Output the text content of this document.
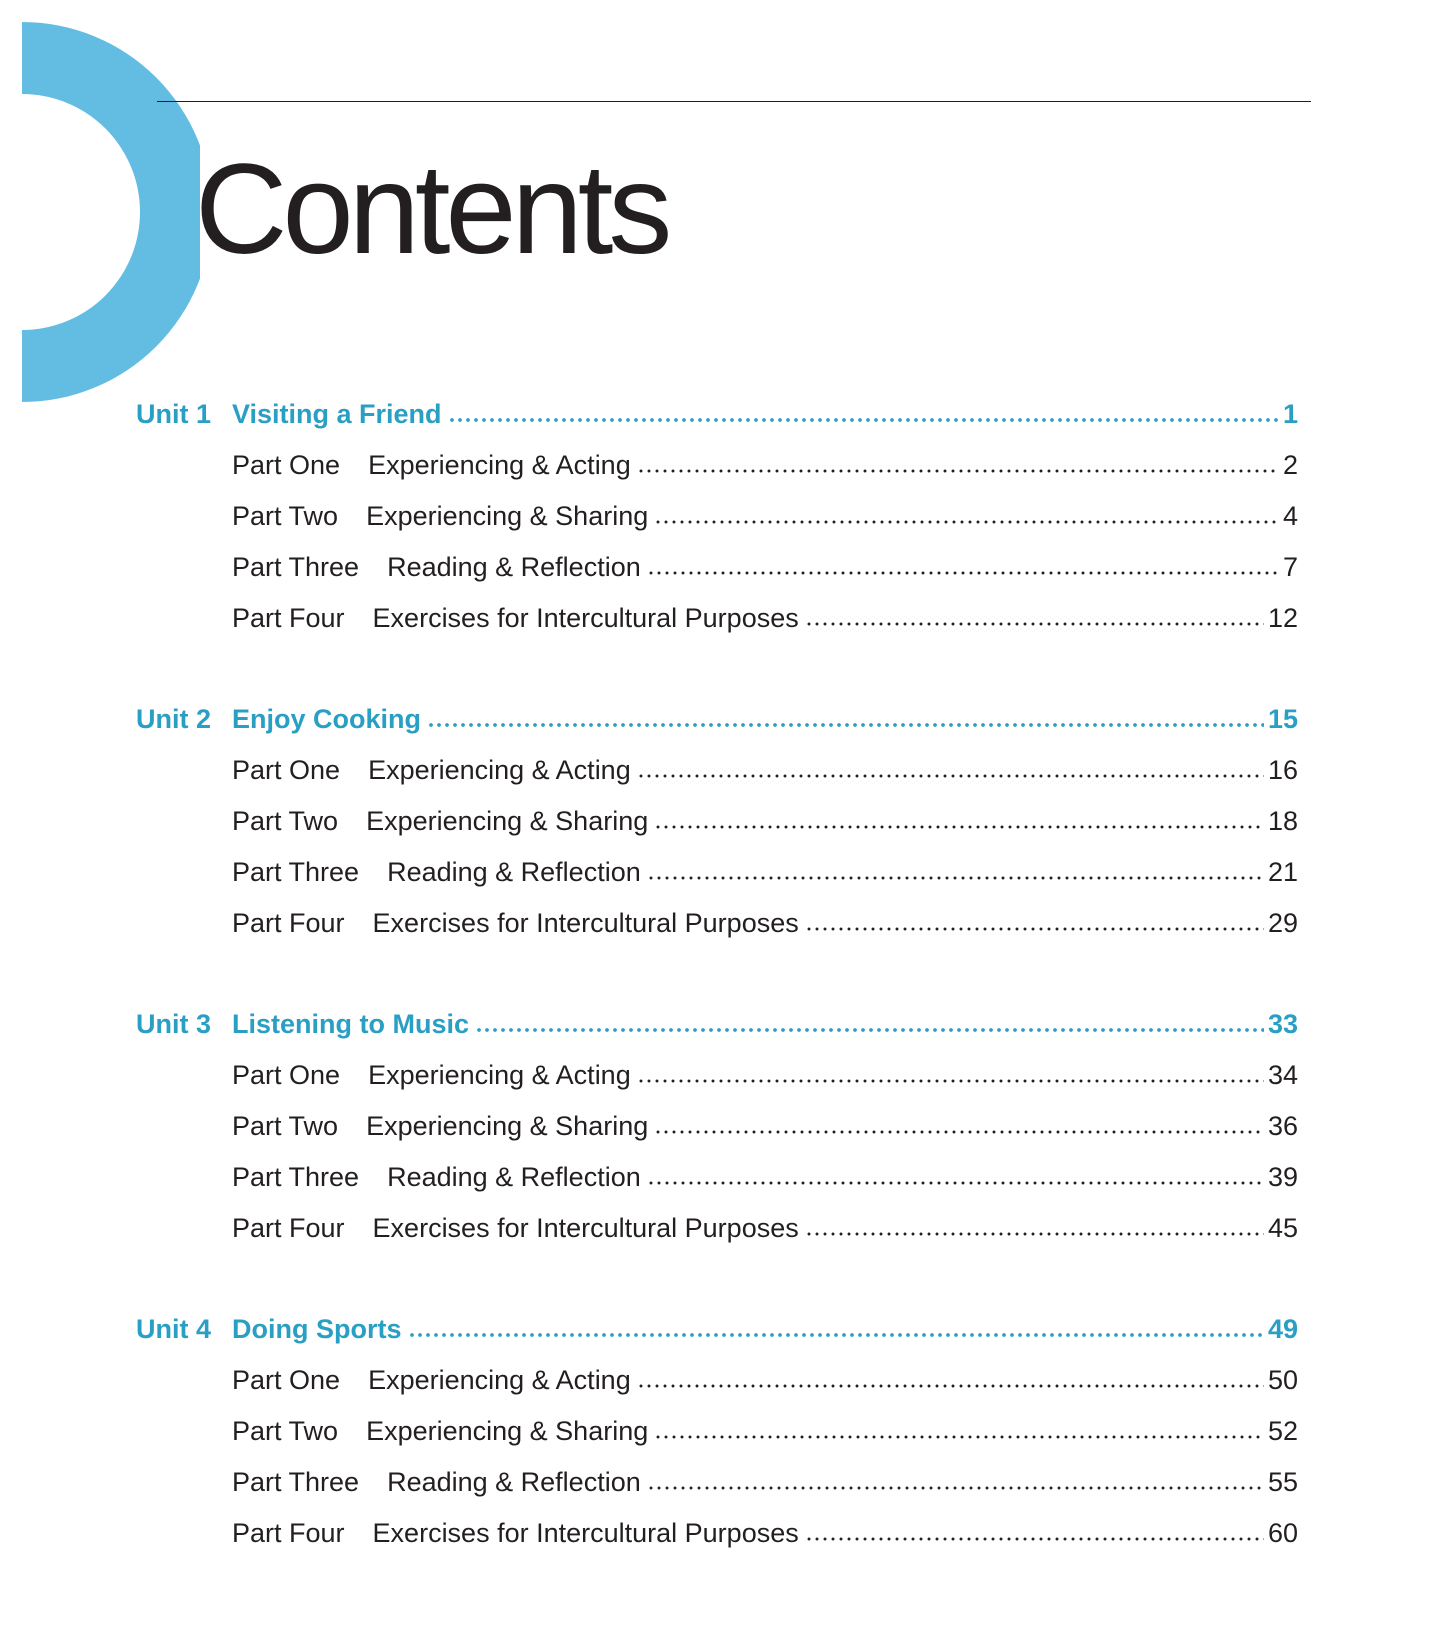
Contents
Unit 1 Visiting a Friend	1
Part One	Experiencing & Acting	2
Part Two	Experiencing & Sharing	4
Part Three	Reading & Reflection	7
Part Four	Exercises for Intercultural Purposes	12
Unit 2 Enjoy Cooking	15
Part One	Experiencing & Acting	16
Part Two	Experiencing & Sharing	18
Part Three	Reading & Reflection	21
Part Four	Exercises for Intercultural Purposes	29
Unit 3 Listening to Music	33
Part One	Experiencing & Acting	34
Part Two	Experiencing & Sharing	36
Part Three	Reading & Reflection	39
Part Four	Exercises for Intercultural Purposes	45
Unit 4 Doing Sports	49
Part One	Experiencing & Acting	50
Part Two	Experiencing & Sharing	52
Part Three	Reading & Reflection	55
Part Four	Exercises for Intercultural Purposes	60
